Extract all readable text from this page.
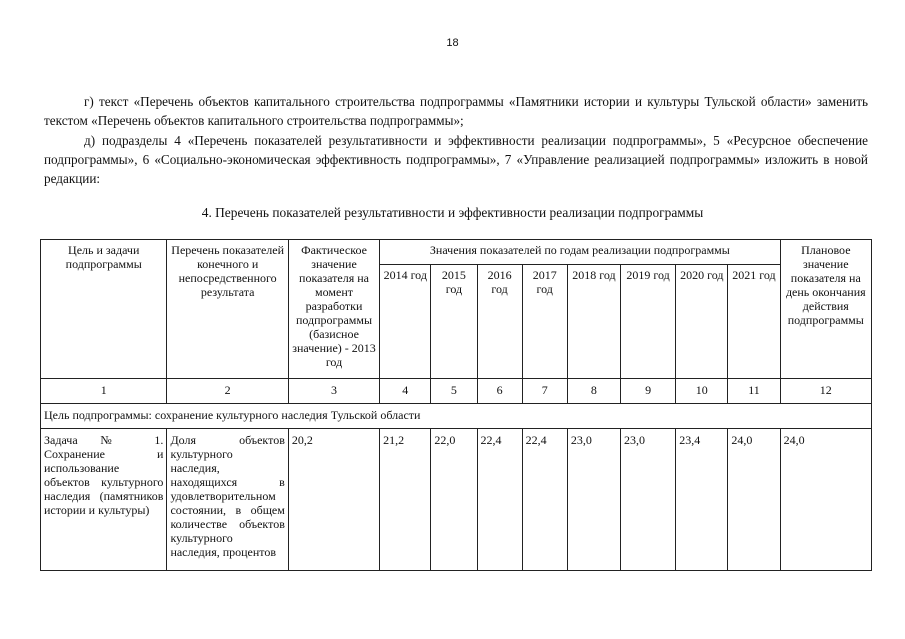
18

г) текст «Перечень объектов капитального строительства подпрограммы «Памятники истории и культуры Тульской области» заменить текстом «Перечень объектов капитального строительства подпрограммы»;

д) подразделы 4 «Перечень показателей результативности и эффективности реализации подпрограммы», 5 «Ресурсное обеспечение подпрограммы», 6 «Социально-экономическая эффективность подпрограммы», 7 «Управление реализацией подпрограммы» изложить в новой редакции:

4. Перечень показателей результативности и эффективности реализации подпрограммы
Цель и задачи подпрограммы	Перечень показателей конечного и непосредственного результата	Фактическое значение показателя на момент разработки подпрограммы (базисное значение) - 2013 год	Значения показателей по годам реализации подпрограммы								Плановое значение показателя на день окончания действия подпрограммы
			2014 год	2015 год	2016 год	2017 год	2018 год	2019 год	2020 год	2021 год	
1	2	3	4	5	6	7	8	9	10	11	12
Цель подпрограммы: сохранение культурного наследия Тульской области											
Задача № 1. Сохранение и использование объектов культурного наследия (памятников истории и культуры)	Доля объектов культурного наследия, находящихся в удовлетворительном состоянии, в общем количестве объектов культурного наследия, процентов	20,2	21,2	22,0	22,4	22,4	23,0	23,0	23,4	24,0	24,0
